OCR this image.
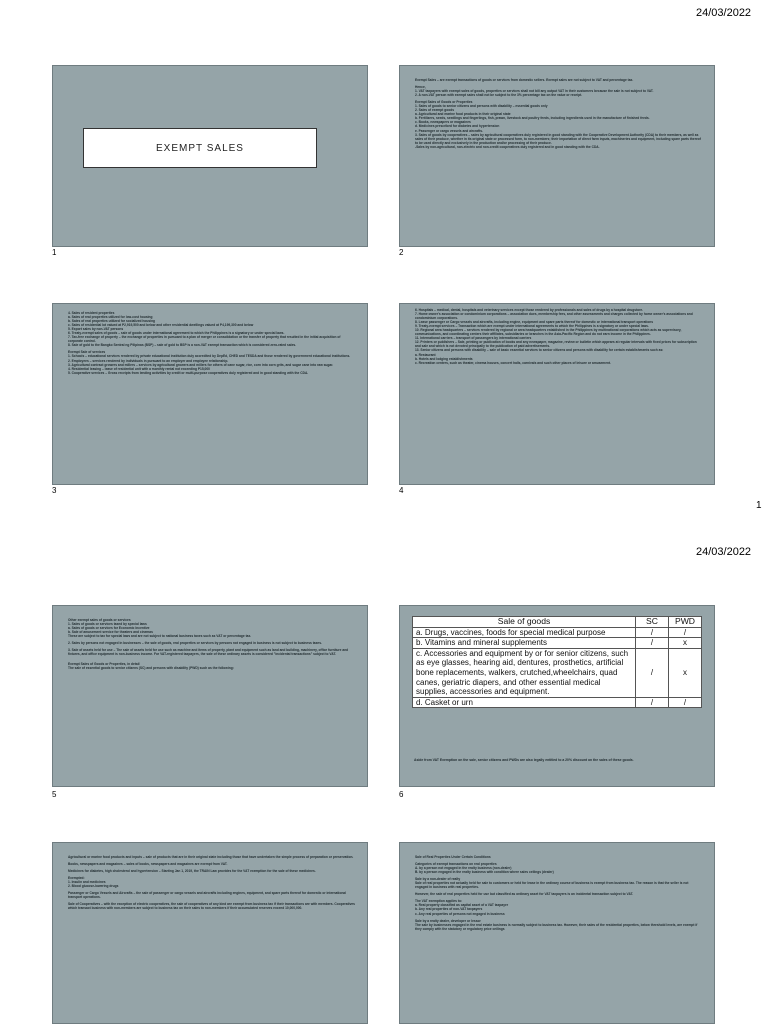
24/03/2022
EXEMPT SALES
1
Exempt Sales – are exempt transactions of goods or services from domestic sellers. Exempt sales are not subject to VAT and percentage tax.
Hence,
1. VAT taxpayers with exempt sales of goods, properties or services shall not bill any output VAT in their customers because the sale is not subject to VAT.
2. A non-VAT person with exempt sales shall not be subject to the 3% percentage tax on the value or receipt.
Exempt Sales of Goods or Properties
1. Sales of goods to senior citizens and persons with disability – essential goods only
2. Sales of exempt goods
a. Agricultural and marine food products in their original state
b. Fertilizers, seeds, seedlings and fingerlings, fish, prawn, livestock and poultry feeds, including ingredients used in the manufacture of finished feeds.
c. Books, newspapers or magazines
d. Medicines prescribed for diabetes and hypertension
e. Passenger or cargo vessels and aircrafts.
3. Sales of goods by cooperatives – sales by agricultural cooperatives duly registered in good standing with the Cooperative Development Authority (CDA) to their members, as well as sales of their produce, whether in its original state or processed form, to non-members; their importation of direct farm inputs, machineries and equipment, including spare parts thereof to be used directly and exclusively in the production and/or processing of their produce.
-Sales by non-agricultural, non-electric and non-credit cooperatives duly registered and in good standing with the CDA.
2
4. Sales of resident properties
a. Sales of real properties utilized for low-cost housing
b. Sales of real properties utilized for socialized housing
c. Sales of residential lot valued at P2,919,500 and below and other residential dwellings valued at P4,199,300 and below
5. Export sales by non-VAT persons
6. Treaty-exempt sales of goods – sale of goods under international agreement to which the Philippines is a signatory or under special laws.
7. Tax-free exchange of property – the exchange of properties in pursuant to a plan of merger or consolidation or the transfer of property that resulted in the initial acquisition of corporate control.
8. Sale of gold to the Bangko Sentral ng Pilipinas (BSP) – sale of gold to BSP is a non-VAT exempt transaction which is considered zero-rated sales.
Exempt Sale of services
1. Schools – educational services rendered by private educational institution duly accredited by DepEd, CHED and TESDA and those rendered by government educational institutions.
2. Employees – services rendered by individuals in pursuant to an employer and employee relationship.
3. Agricultural contract growers and millers – services by agricultural growers and millers for others of cane sugar, rice, corn into corn grits, and sugar cane into raw sugar.
4. Residential leasing – lease of residential unit with a monthly rental not exceeding P15,000
5. Cooperative services – Gross receipts from lending activities by credit or multi-purpose cooperatives duly registered and in good standing with the CDA.
3
6. Hospitals – medical, dental, hospitals and veterinary services except those rendered by professionals and sales of drugs by a hospital drugstore.
7. Home owner's association or condominium corporations – association dues, membership fees, and other assessments and charges collected by home owner's associations and condominium corporations.
8. Lease passenger or Cargo vessels and aircrafts, including engine, equipment and spare parts thereof for domestic or international transport operations
9. Treaty-exempt services – Transaction which are exempt under international agreements to which the Philippines is a signatory or under special laws.
10. Regional area headquarters – services rendered by regional or area headquarters established in the Philippines by multinational corporations which acts as supervisory, communications, and coordinating centers their affiliates, subsidiaries or branches in the Asia-Pacific Region and do not earn income in the Philippines.
11. International carriers – transport of passengers by international carriers
12. Printers or publishers – Sale, printing or publication of books and any newspaper, magazine, review or bulletin which appears at regular intervals with fixed prices for subscription and sale and which is not devoted principally to the publication of paid advertisements.
13. Senior citizens and persons with disability – sale of basic essential services to senior citizens and persons with disability for certain establishments such as:
a. Restaurant
b. Hotels and lodging establishments
c. Recreation centers, such as theater, cinema houses, concert halls, carnivals and such other places of leisure or amusement.
4
1
24/03/2022
Other exempt sales of goods or services
1. Sales of goods or services taxed by special laws
a. Sales of goods or services for Economic Incentive
b. Sale of amusement service for theaters and cinemas
These are subject to tax for special laws and are not subject to national business taxes such as VAT or percentage tax.
2. Sales by persons not engaged in businesses – the sale of goods, real properties or services by persons not engaged in business is not subject to business taxes.
3. Sale of assets held for use – The sale of assets held for use such as machine and items of property, plant and equipment such as land and building, machinery, office furniture and fixtures, and office equipment is non-business income. For VAT-registered taxpayers, the sale of these ordinary assets is considered "incidental transactions" subject to VAT.
Exempt Sales of Goods or Properties, in detail
The sale of essential goods to senior citizens (SC) and persons with disability (PWD) such as the following:
5
Sale of goods	SC	PWD
a. Drugs, vaccines, foods for special medical purpose	/	/
b. Vitamins and mineral supplements	/	x
c. Accessories and equipment by or for senior citizens, such as eye glasses, hearing aid, dentures, prosthetics, artificial bone replacements, walkers, crutched,wheelchairs, quad canes, geriatric diapers, and other essential medical supplies, accessories and equipment.	/	x
d. Casket or urn	/	/
Aside from VAT Exemption on the sale, senior citizens and PWDs are also legally entitled to a 20% discount on the sales of these goods.
6
Agricultural or marine food products and inputs – sale of products that are in their original state including those that have undertaken the simple process of preparation or preservation.
Books, newspapers and magazines – sales of books, newspapers and magazines are exempt from VAT.
Medicines for diabetes, high cholesterol and hypertension – Starting Jan 1, 2019, the TRAIN Law provides for the VAT exemption for the sale of these medicines.
Exempted:
1. Insulin and medicines
2. Blood glucose-lowering drugs
Passenger or Cargo Vessels and Aircrafts – the sale of passenger or cargo vessels and aircrafts including engines, equipment, and spare parts thereof for domestic or international transport operations.
Sale of Cooperatives – with the exception of electric cooperatives, the sale of cooperatives of any kind are exempt from business tax if their transactions are with members. Cooperatives which transact business with non-members are subject to business tax on their sales to non-members if their accumulated reserves exceed 10,000,000.
Sale of Real Properties Under Certain Conditions
Categories of exempt transactions on real properties
A. by a person not engaged in the realty business (non-dealer)
B. by a person engaged in the realty business with condition where sales ceilings (dealer)
Sale by a non-dealer of realty
Sale of real properties not actually held for sale to customers or held for lease in the ordinary course of business is exempt from business tax. The reason is that the seller is not engaged in business with real properties.
However, the sale of real properties held for use but classified as ordinary asset for VAT taxpayers is an incidental transaction subject to VAT.
The VAT exemption applies to:
a. Real property classified as capital asset of a VAT taxpayer
b. Any real properties of non-VAT taxpayers
c. Any real properties of persons not engaged in business
Sale by a realty dealer, developer or lessor
The sale by businesses engaged in the real estate business is normally subject to business tax. However, their sales of the residential properties, below threshold levels, are exempt if they comply with the statutory or regulatory price ceilings
